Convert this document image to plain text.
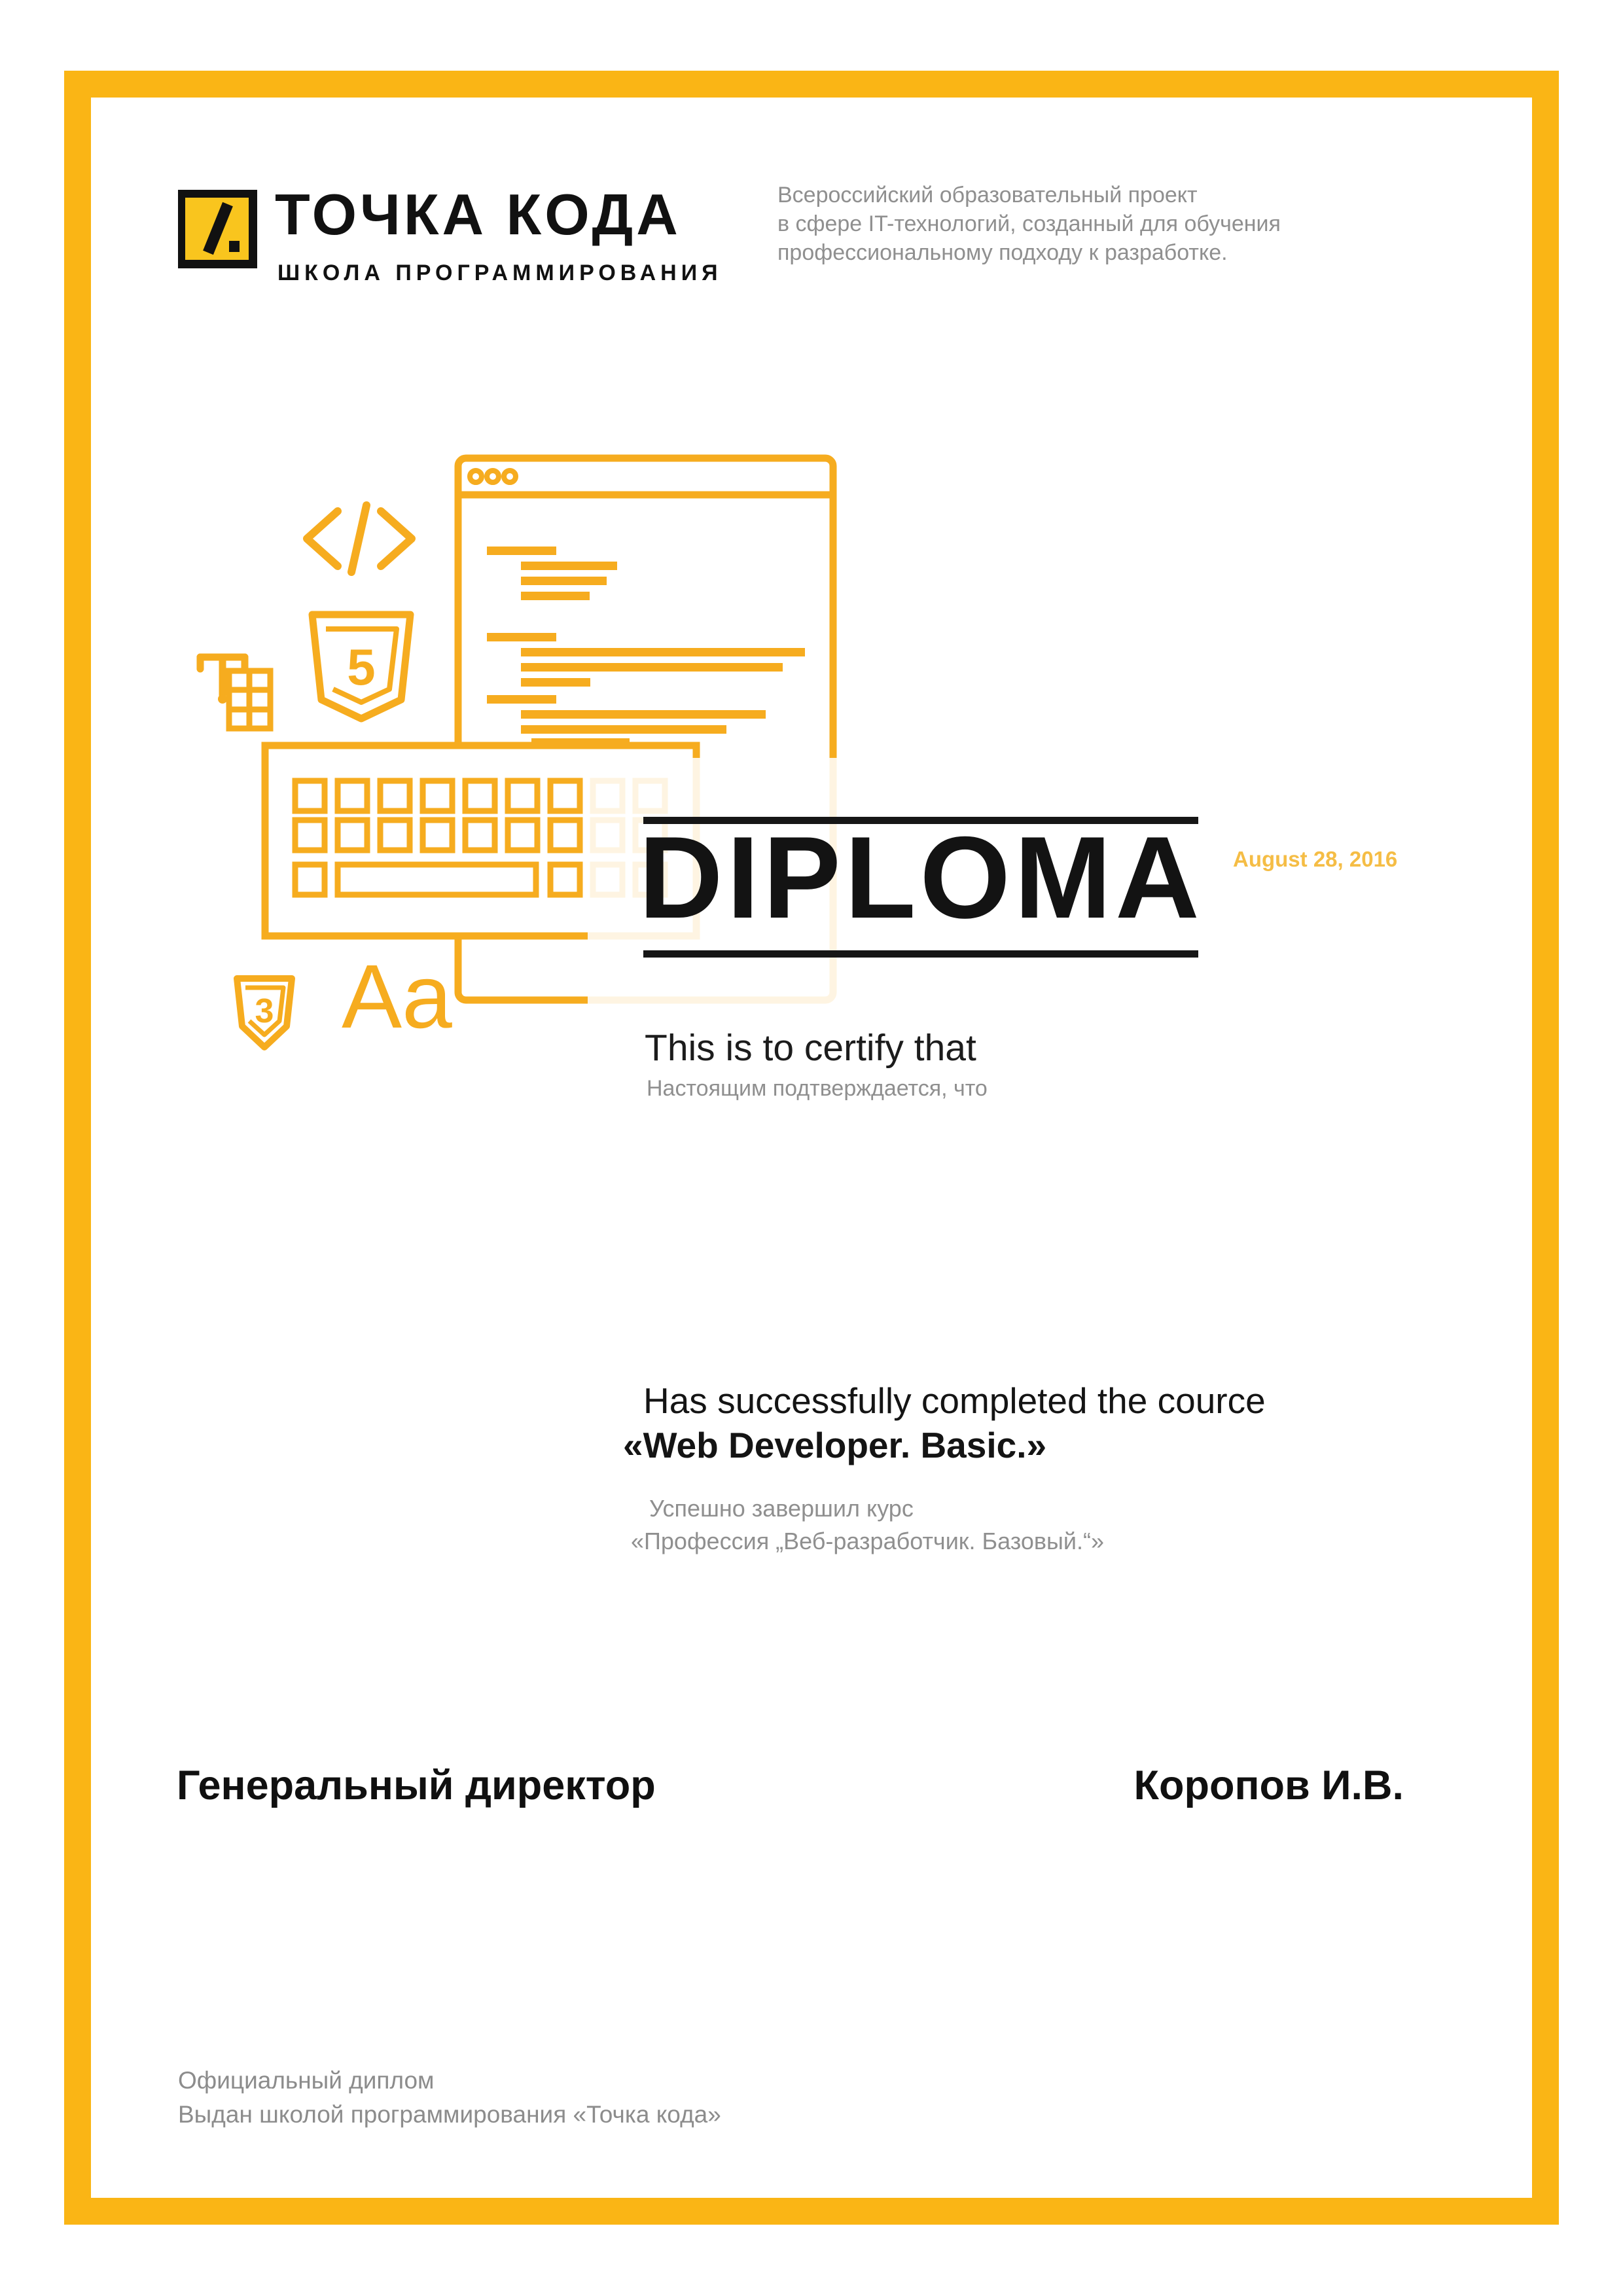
5
3 Aa
ТОЧКА КОДА
ШКОЛА ПРОГРАММИРОВАНИЯ
Всероссийский образовательный проект
в сфере IT-технологий, созданный для обучения
профессиональному подходу к разработке.
DIPLOMA August 28, 2016
This is to certify that
Настоящим подтверждается, что
Has successfully completed the cource
«Web Developer. Basic.»
Успешно завершил курс
«Профессия „Веб-разработчик. Базовый.“»
Генеральный директор	Коропов И.В.
Официальный диплом
Выдан школой программирования «Точка кода»
